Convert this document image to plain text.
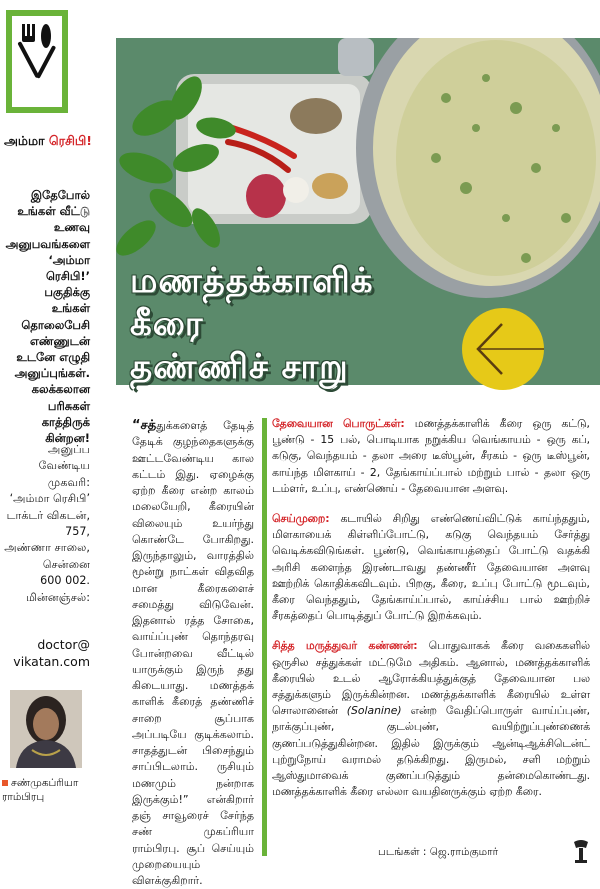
அம்மா ரெசிபி!
இதேபோல்
உங்கள் வீட்டு
உணவு
அனுபவங்களை
‘அம்மா
ரெசிபி!’
பகுதிக்கு
உங்கள்
தொலைபேசி
எண்ணுடன்
உடனே எழுதி
அனுப்புங்கள்.
கலக்கலான
பரிசுகள்
காத்திருக்
கின்றன!
அனுப்ப வேண்டிய
முகவரி:
‘அம்மா ரெசிபி’
டாக்டர் விகடன்,
757,
அண்ணா சாலை,
சென்னை
600 002.
மின்னஞ்சல்:
doctor@
vikatan.com
சண்முகப்ரியா
ராம்பிரபு
மணத்தக்காளிக்
கீரை
தண்ணிச் சாறு
“சத்துக்களைத் தேடித் தேடிக் குழந்தைகளுக்கு ஊட்டவேண்டிய கால கட்டம் இது. ஏழைக்கு ஏற்ற கீரை என்ற காலம் மலையேறி, கீரையின் விலையும் உயர்ந்து கொண்டே போகிறது. இருந்தாலும், வாரத்தில் மூன்று நாட்கள் விதவித மான கீரைகளைச் சமைத்து விடுவேன். இதனால் ரத்த சோகை, வாய்ப்புண் தொந்தரவு போன்றவை வீட்டில் யாருக்கும் இருந் தது கிடையாது. மணத்தக் காளிக் கீரைத் தண்ணிச் சாறை சூப்பாக அப்படியே குடிக்கலாம். சாதத்துடன் பிசைந்தும் சாப்பிடலாம். ருசியும் மணமும் நன்றாக இருக்கும்!” என்கிறார் தஞ் சாவூரைச் சேர்ந்த சண் முகப்ரியா ராம்பிரபு. சூப் செய்யும் முறையையும் விளக்குகிறார்.

தேவையான பொருட்கள்: மணத்தக்காளிக் கீரை ஒரு கட்டு, பூண்டு - 15 பல், பொடியாக நறுக்கிய வெங்காயம் - ஒரு கப், கடுகு, வெந்தயம் - தலா அரை டீஸ்பூன், சீரகம் - ஒரு டீஸ்பூன், காய்ந்த மிளகாய் - 2, தேங்காய்ப்பால் மற்றும் பால் - தலா ஒரு டம்ளர், உப்பு, எண்ணெய் - தேவையான அளவு.

செய்முறை: கடாயில் சிறிது எண்ணெய்விட்டுக் காய்ந்ததும், மிளகாயைக் கிள்ளிப்போட்டு, கடுகு வெந்தயம் சேர்த்து வெடிக்கவிடுங்கள். பூண்டு, வெங்காயத்தைப் போட்டு வதக்கி அரிசி களைந்த இரண்டாவது தண்ணீர் தேவையான அளவு ஊற்றிக் கொதிக்கவிடவும். பிறகு, கீரை, உப்பு போட்டு மூடவும், கீரை வெந்ததும், தேங்காய்ப்பால், காய்ச்சிய பால் ஊற்றிச் சீரகத்தைப் பொடித்துப் போட்டு இறக்கவும்.

சித்த மருத்துவர் கண்ணன்: பொதுவாகக் கீரை வகைகளில் ஒருசில சத்துக்கள் மட்டுமே அதிகம். ஆனால், மணத்தக்காளிக் கீரையில் உடல் ஆரோக்கியத்துக்குத் தேவையான பல சத்துக்களும் இருக்கின்றன. மணத்தக்காளிக் கீரையில் உள்ள சொலானைன் (Solanine) என்ற வேதிப்பொருள் வாய்ப்புண், நாக்குப்புண், குடல்புண், வயிற்றுப்புண்ணைக் குணப்படுத்துகின்றன. இதில் இருக்கும் ஆன்டிஆக்சிடென்ட் புற்றுநோய் வராமல் தடுக்கிறது. இருமல், சளி மற்றும் ஆஸ்துமாவைக் குணப்படுத்தும் தன்மைகொண்டது. மணத்தக்காளிக் கீரை எல்லா வயதினருக்கும் ஏற்ற கீரை.

படங்கள் : ஜெ.ராம்குமார்
